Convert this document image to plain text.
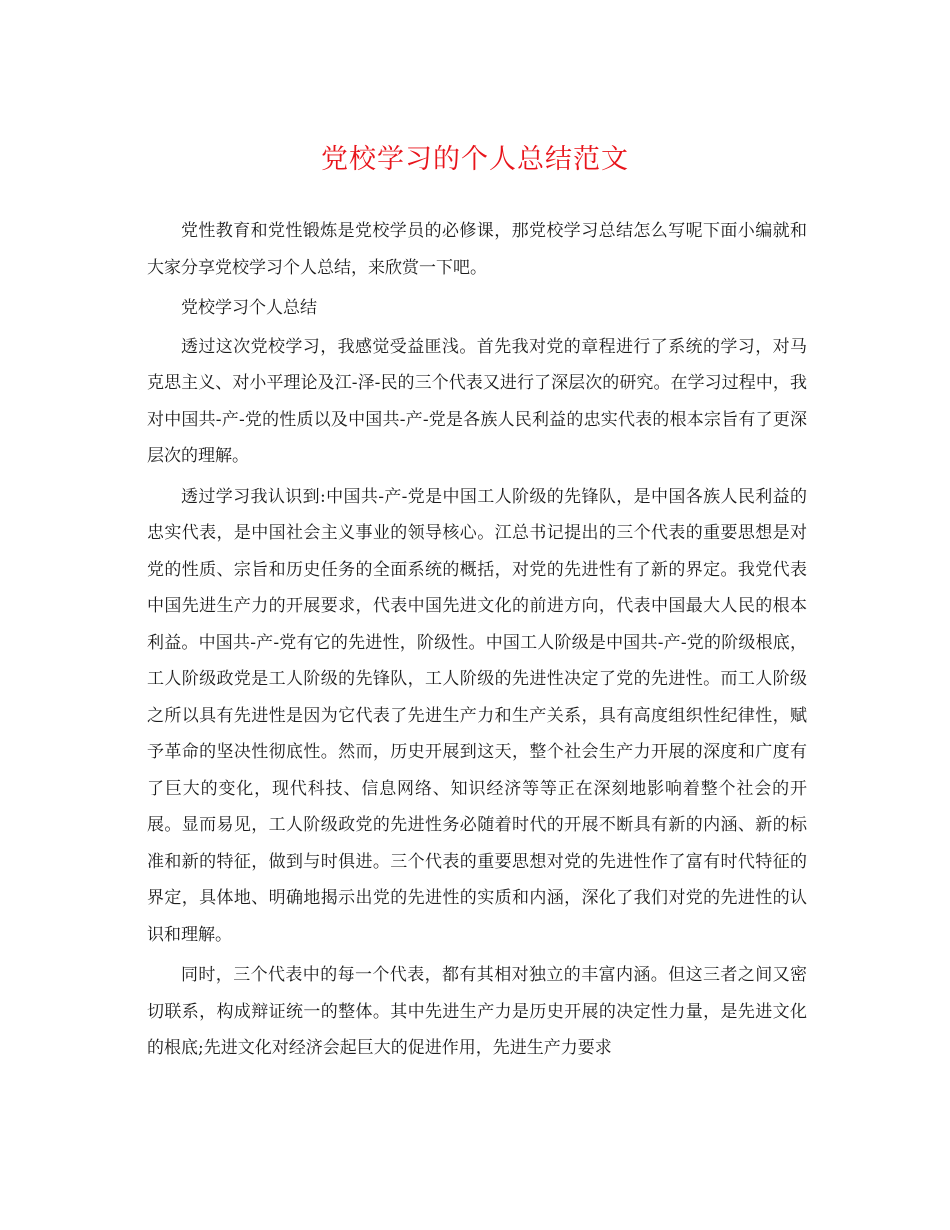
党校学习的个人总结范文

党性教育和党性锻炼是党校学员的必修课，那党校学习总结怎么写呢下面小编就和大家分享党校学习个人总结，来欣赏一下吧。

党校学习个人总结

透过这次党校学习，我感觉受益匪浅。首先我对党的章程进行了系统的学习，对马克思主义、对小平理论及江-泽-民的三个代表又进行了深层次的研究。在学习过程中，我对中国共-产-党的性质以及中国共-产-党是各族人民利益的忠实代表的根本宗旨有了更深层次的理解。

透过学习我认识到:中国共-产-党是中国工人阶级的先锋队，是中国各族人民利益的忠实代表，是中国社会主义事业的领导核心。江总书记提出的三个代表的重要思想是对党的性质、宗旨和历史任务的全面系统的概括，对党的先进性有了新的界定。我党代表中国先进生产力的开展要求，代表中国先进文化的前进方向，代表中国最大人民的根本利益。中国共-产-党有它的先进性，阶级性。中国工人阶级是中国共-产-党的阶级根底，工人阶级政党是工人阶级的先锋队，工人阶级的先进性决定了党的先进性。而工人阶级之所以具有先进性是因为它代表了先进生产力和生产关系，具有高度组织性纪律性，赋予革命的坚决性彻底性。然而，历史开展到这天，整个社会生产力开展的深度和广度有了巨大的变化，现代科技、信息网络、知识经济等等正在深刻地影响着整个社会的开展。显而易见，工人阶级政党的先进性务必随着时代的开展不断具有新的内涵、新的标准和新的特征，做到与时俱进。三个代表的重要思想对党的先进性作了富有时代特征的界定，具体地、明确地揭示出党的先进性的实质和内涵，深化了我们对党的先进性的认识和理解。

同时，三个代表中的每一个代表，都有其相对独立的丰富内涵。但这三者之间又密切联系，构成辩证统一的整体。其中先进生产力是历史开展的决定性力量，是先进文化的根底;先进文化对经济会起巨大的促进作用，先进生产力要求
